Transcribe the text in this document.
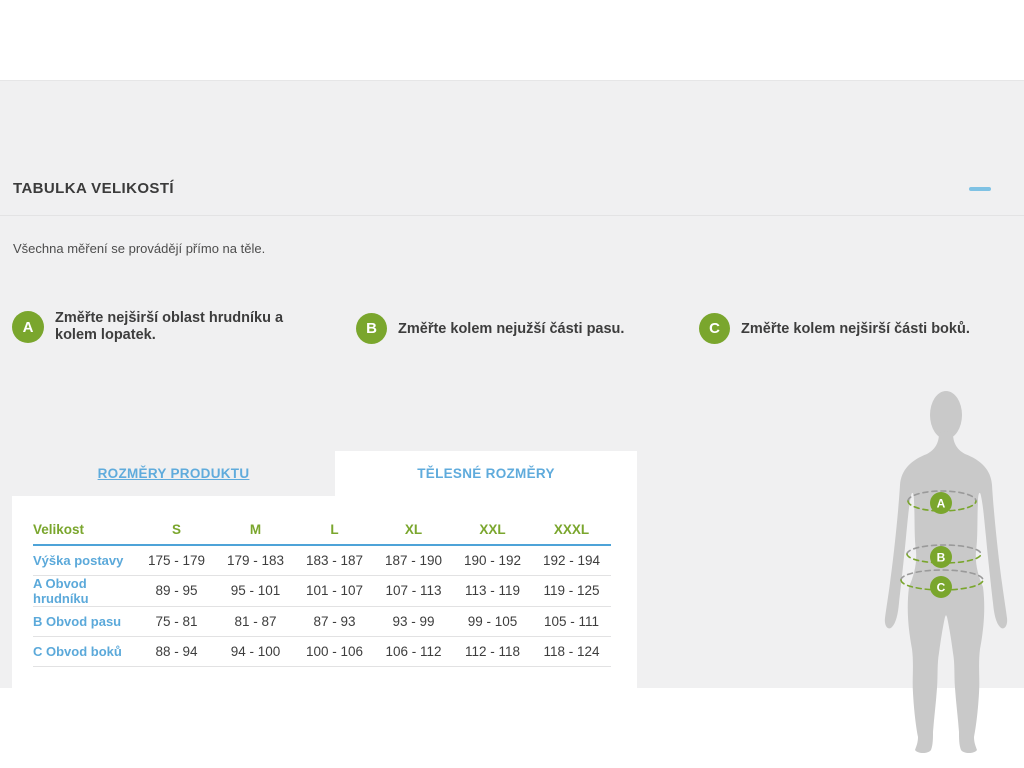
TABULKA VELIKOSTÍ
Všechna měření se provádějí přímo na těle.
A
Změřte nejširší oblast hrudníku a kolem lopatek.	B	Změřte kolem nejužší části pasu.	C	Změřte kolem nejširší části boků.
ROZMĚRY PRODUKTU	TĚLESNÉ ROZMĚRY
Velikost	S	M	L	XL	XXL	XXXL
Výška postavy	175 - 179	179 - 183	183 - 187	187 - 190	190 - 192	192 - 194
A Obvod hrudníku	89 - 95	95 - 101	101 - 107	107 - 113	113 - 119	119 - 125
B Obvod pasu	75 - 81	81 - 87	87 - 93	93 - 99	99 - 105	105 - 111
C Obvod boků	88 - 94	94 - 100	100 - 106	106 - 112	112 - 118	118 - 124
A
B
C
